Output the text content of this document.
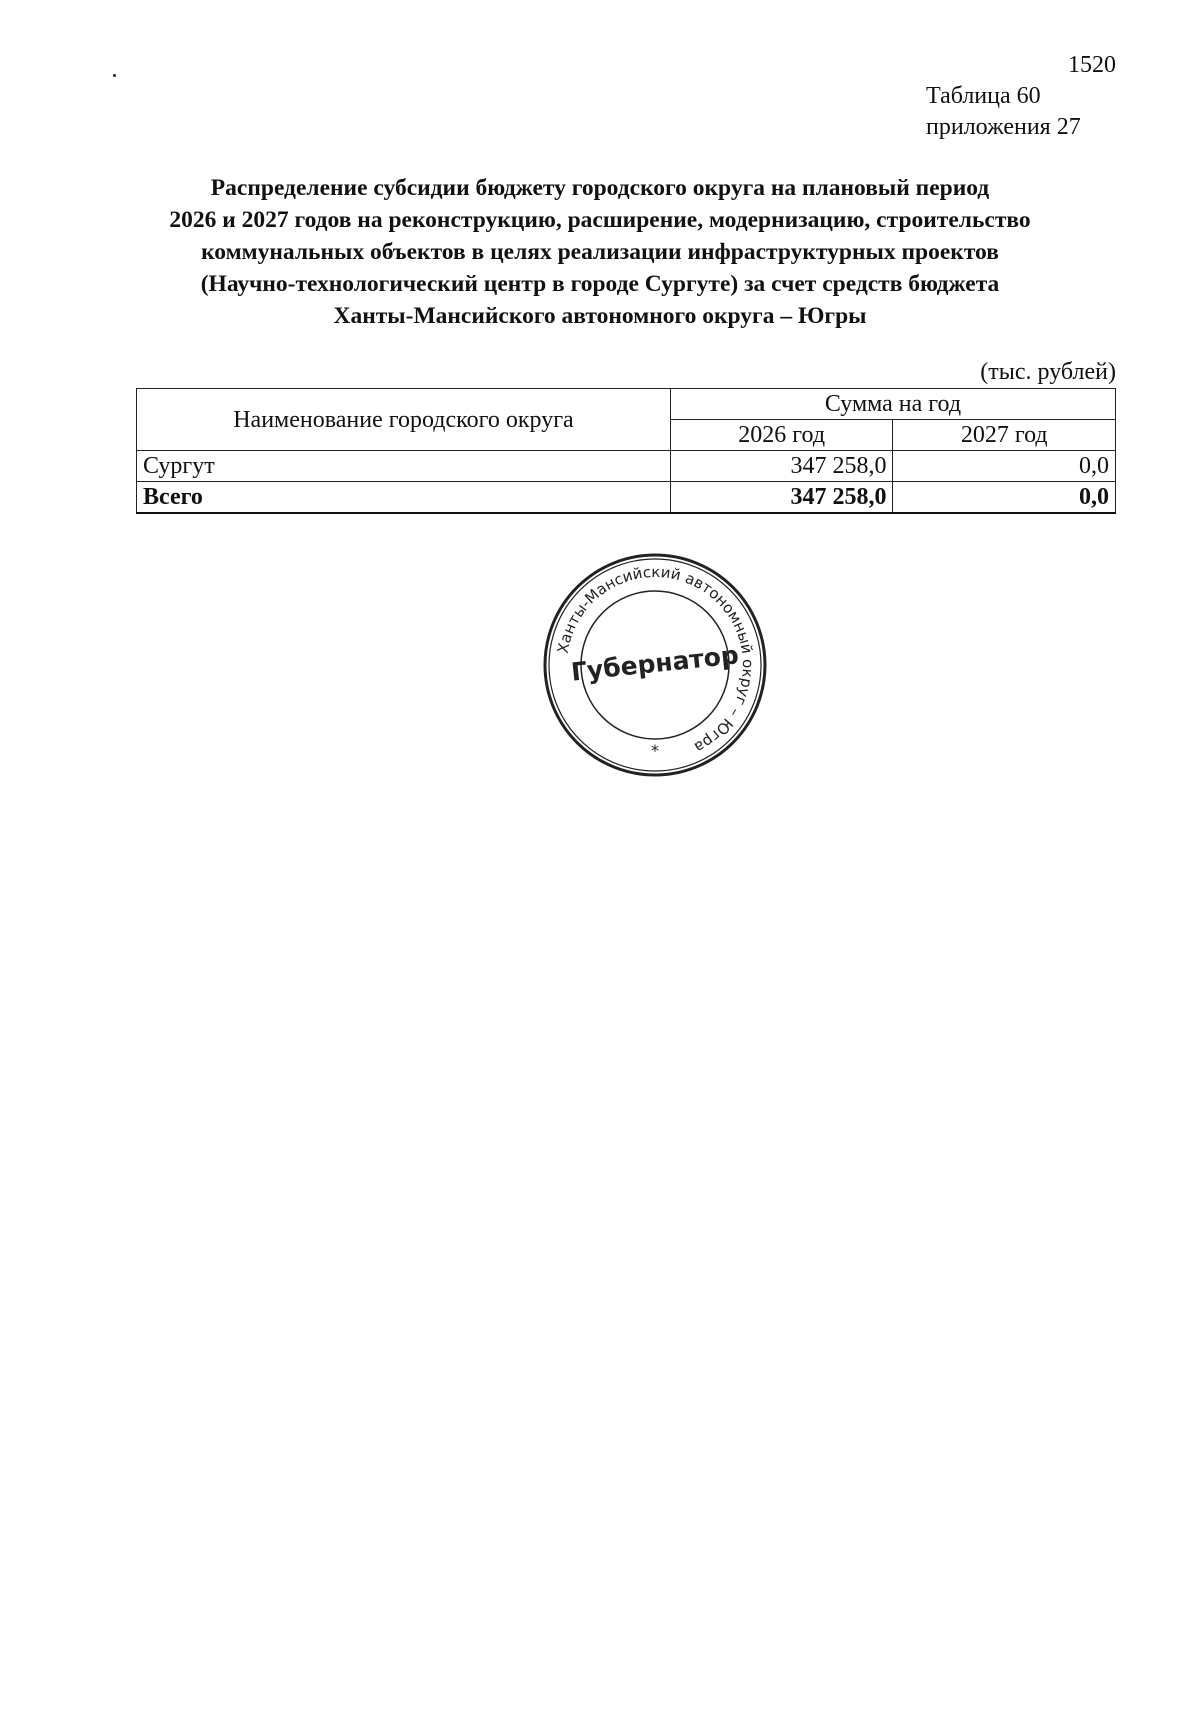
1520
Таблица 60
приложения 27
Распределение субсидии бюджету городского округа на плановый период
2026 и 2027 годов на реконструкцию, расширение, модернизацию, строительство
коммунальных объектов в целях реализации инфраструктурных проектов
(Научно-технологический центр в городе Сургуте) за счет средств бюджета
Ханты-Мансийского автономного округа – Югры
(тыс. рублей)
Наименование городского округа	Сумма на год	
	2026 год	2027 год
Сургут	347 258,0	0,0
Всего	347 258,0	0,0
Ханты-Мансийский автономный округ – Югра
Губернатор
*
